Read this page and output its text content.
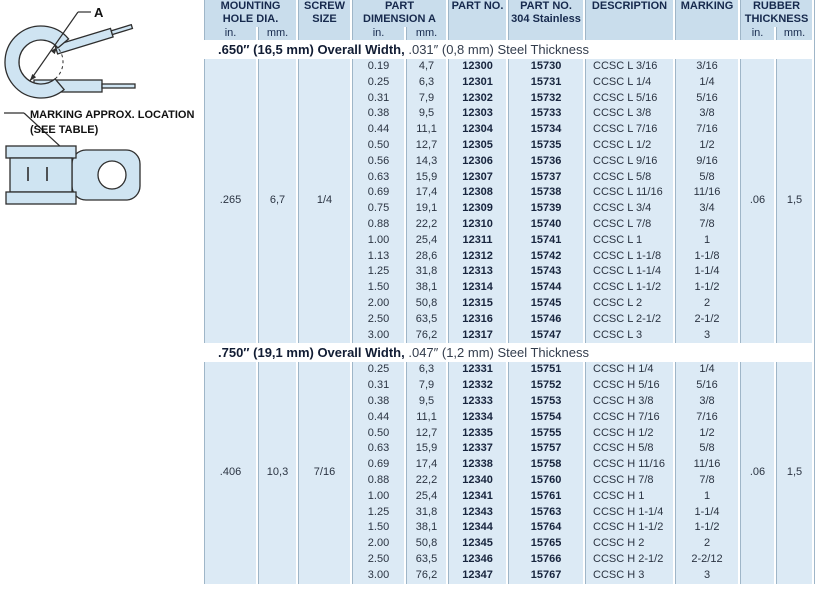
A
MARKING APPROX. LOCATION
(SEE TABLE)
MOUNTING
HOLE DIA.		SCREW
SIZE	PART
DIMENSION A		PART NO.	PART NO.
304 Stainless	DESCRIPTION	MARKING	RUBBER
THICKNESS	
in.	mm.		in.	mm.					in.	mm.
.650″ (16,5 mm) Overall Width, .031″ (0,8 mm) Steel Thickness										
.265	6,7	1/4	0.19	4,7	12300	15730	CCSC L 3/16	3/16	.06	1,5
			0.25	6,3	12301	15731	CCSC L 1/4	1/4		
			0.31	7,9	12302	15732	CCSC L 5/16	5/16		
			0.38	9,5	12303	15733	CCSC L 3/8	3/8		
			0.44	11,1	12304	15734	CCSC L 7/16	7/16		
			0.50	12,7	12305	15735	CCSC L 1/2	1/2		
			0.56	14,3	12306	15736	CCSC L 9/16	9/16		
			0.63	15,9	12307	15737	CCSC L 5/8	5/8		
			0.69	17,4	12308	15738	CCSC L 11/16	11/16		
			0.75	19,1	12309	15739	CCSC L 3/4	3/4		
			0.88	22,2	12310	15740	CCSC L 7/8	7/8		
			1.00	25,4	12311	15741	CCSC L 1	1		
			1.13	28,6	12312	15742	CCSC L 1-1/8	1-1/8		
			1.25	31,8	12313	15743	CCSC L 1-1/4	1-1/4		
			1.50	38,1	12314	15744	CCSC L 1-1/2	1-1/2		
			2.00	50,8	12315	15745	CCSC L 2	2		
			2.50	63,5	12316	15746	CCSC L 2-1/2	2-1/2		
			3.00	76,2	12317	15747	CCSC L 3	3		
.750″ (19,1 mm) Overall Width, .047″ (1,2 mm) Steel Thickness										
.406	10,3	7/16	0.25	6,3	12331	15751	CCSC H 1/4	1/4	.06	1,5
			0.31	7,9	12332	15752	CCSC H 5/16	5/16		
			0.38	9,5	12333	15753	CCSC H 3/8	3/8		
			0.44	11,1	12334	15754	CCSC H 7/16	7/16		
			0.50	12,7	12335	15755	CCSC H 1/2	1/2		
			0.63	15,9	12337	15757	CCSC H 5/8	5/8		
			0.69	17,4	12338	15758	CCSC H 11/16	11/16		
			0.88	22,2	12340	15760	CCSC H 7/8	7/8		
			1.00	25,4	12341	15761	CCSC H 1	1		
			1.25	31,8	12343	15763	CCSC H 1-1/4	1-1/4		
			1.50	38,1	12344	15764	CCSC H 1-1/2	1-1/2		
			2.00	50,8	12345	15765	CCSC H 2	2		
			2.50	63,5	12346	15766	CCSC H 2-1/2	2-2/12		
			3.00	76,2	12347	15767	CCSC H 3	3		
